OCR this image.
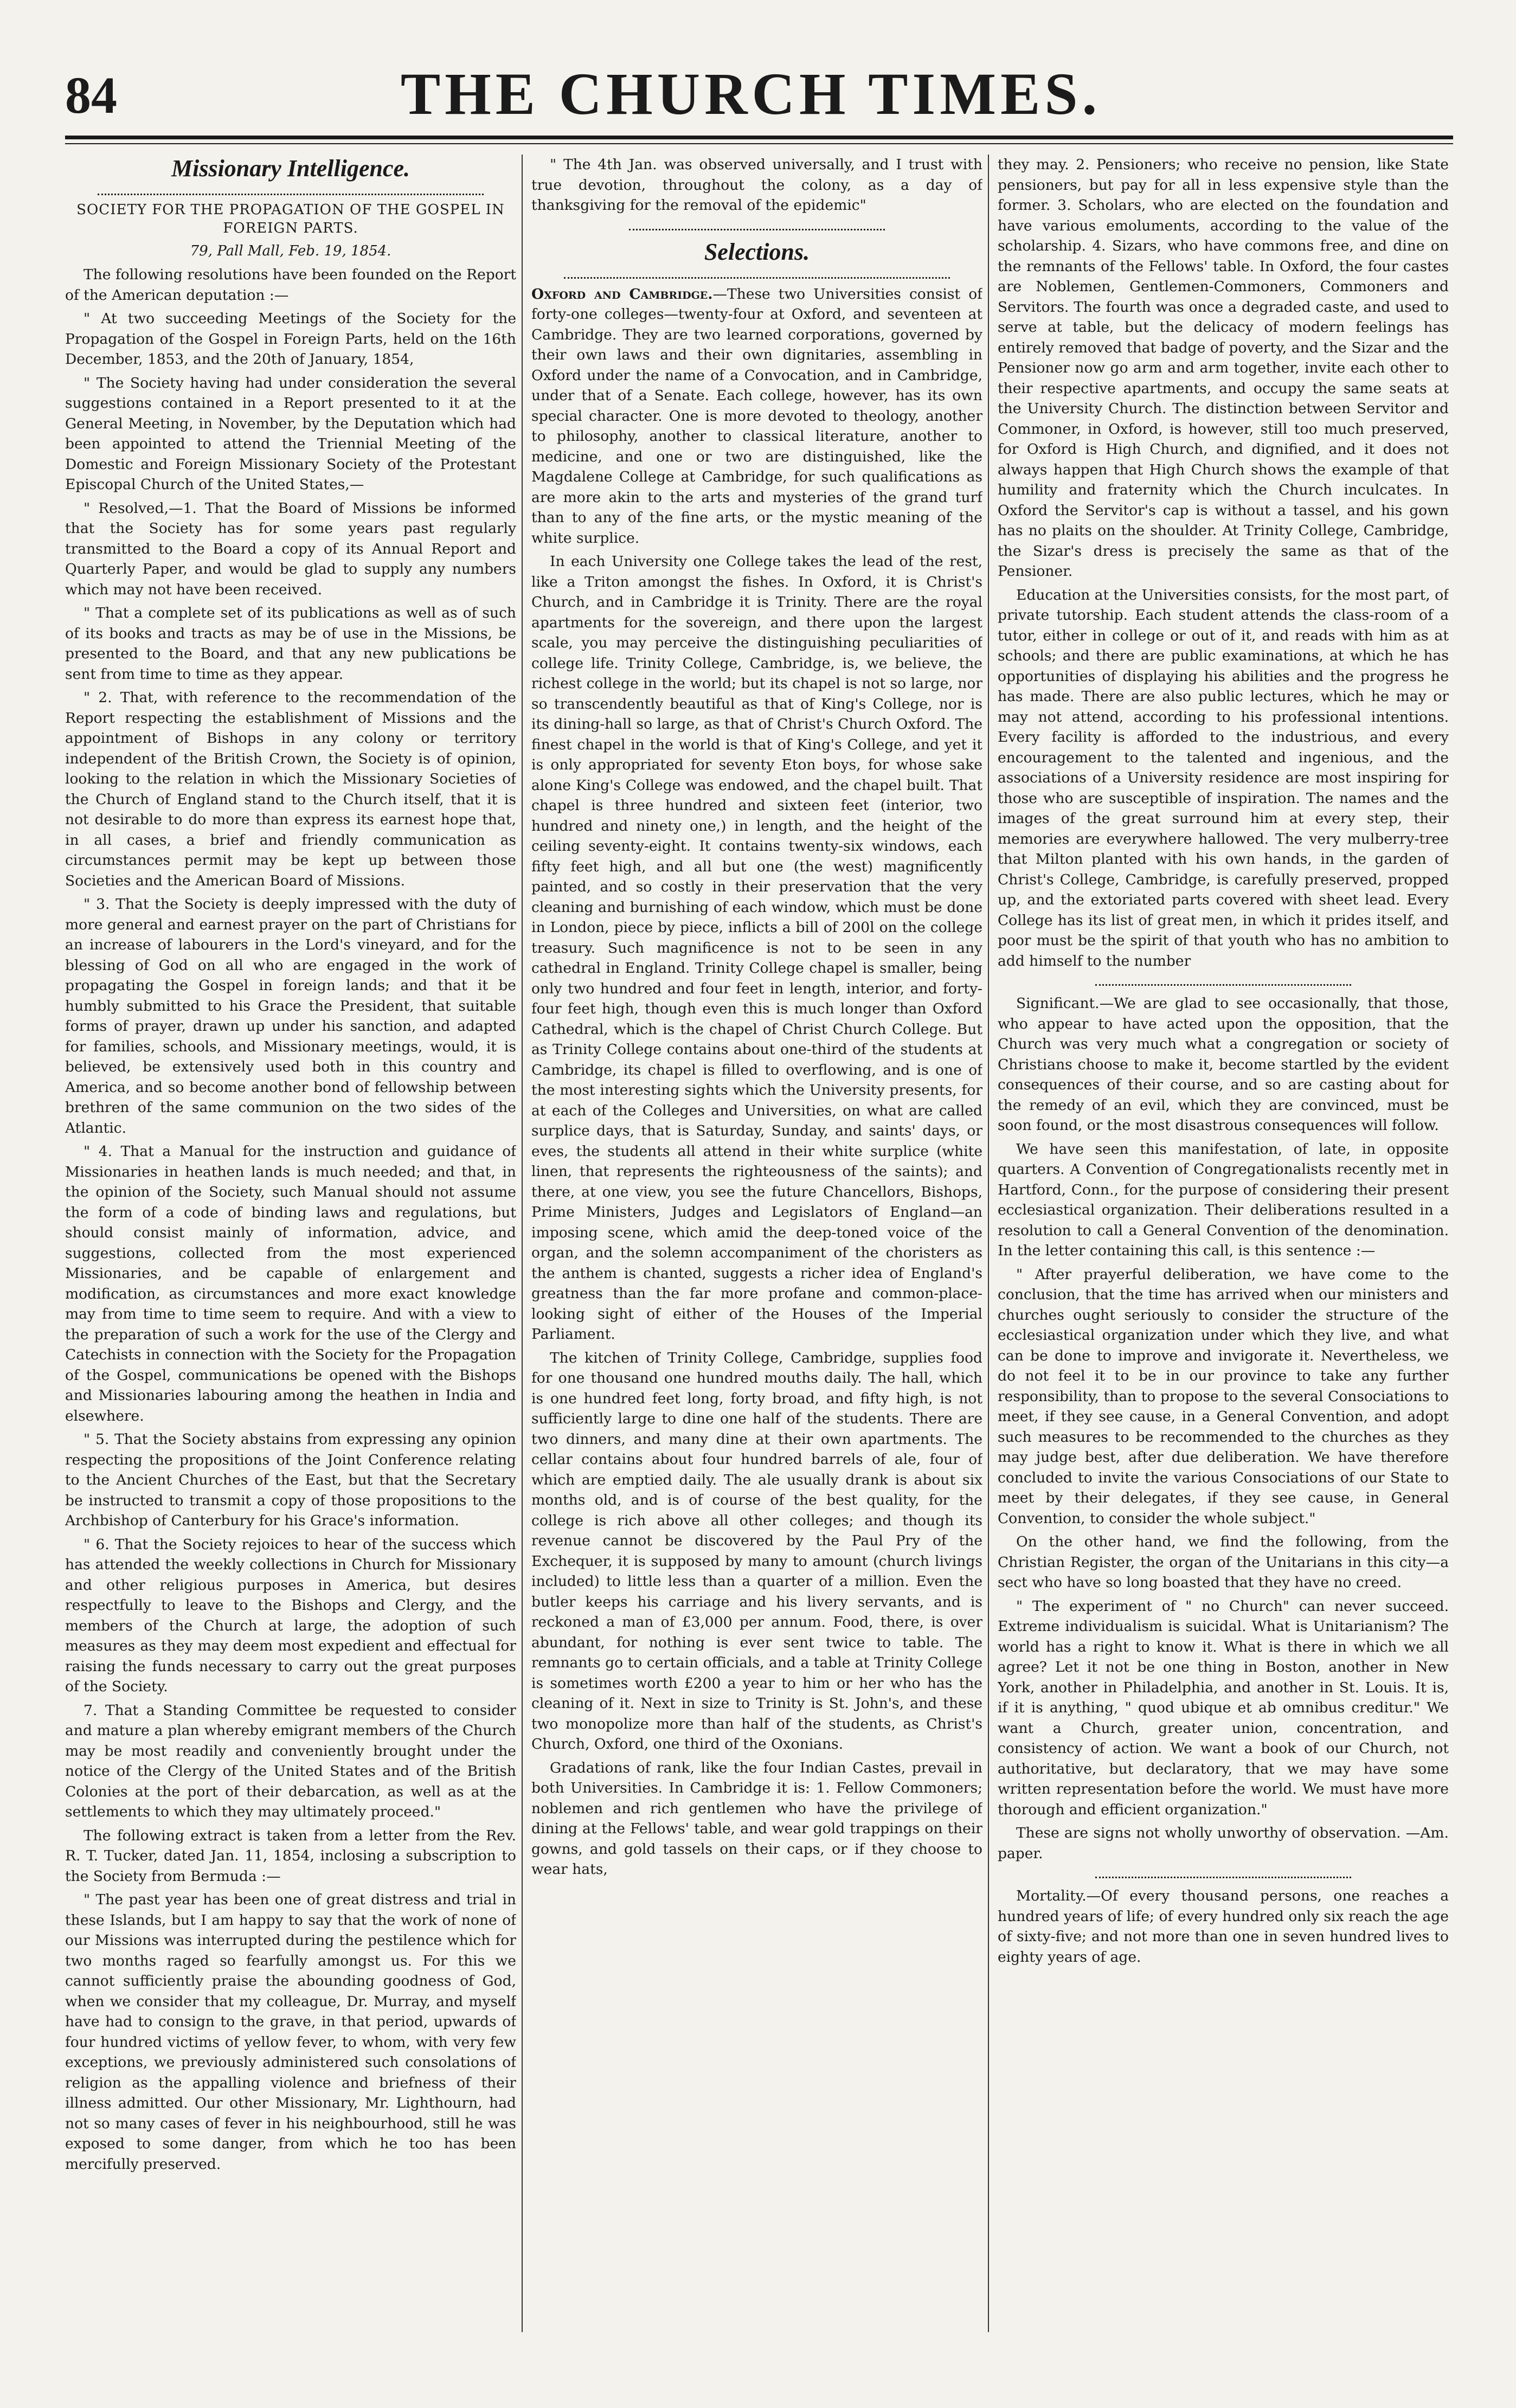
84	THE CHURCH TIMES.
Missionary Intelligence.

SOCIETY FOR THE PROPAGATION OF THE GOSPEL IN FOREIGN PARTS.

79, Pall Mall, Feb. 19, 1854.

The following resolutions have been founded on the Report of the American deputation :—

" At two succeeding Meetings of the Society for the Propagation of the Gospel in Foreign Parts, held on the 16th December, 1853, and the 20th of January, 1854,

" The Society having had under consideration the several suggestions contained in a Report presented to it at the General Meeting, in November, by the Deputation which had been appointed to attend the Triennial Meeting of the Domestic and Foreign Missionary Society of the Protestant Episcopal Church of the United States,—

" Resolved,—1. That the Board of Missions be informed that the Society has for some years past regularly transmitted to the Board a copy of its Annual Report and Quarterly Paper, and would be glad to supply any numbers which may not have been received.

" That a complete set of its publications as well as of such of its books and tracts as may be of use in the Missions, be presented to the Board, and that any new publications be sent from time to time as they appear.

" 2. That, with reference to the recommendation of the Report respecting the establishment of Missions and the appointment of Bishops in any colony or territory independent of the British Crown, the Society is of opinion, looking to the relation in which the Missionary Societies of the Church of England stand to the Church itself, that it is not desirable to do more than express its earnest hope that, in all cases, a brief and friendly communication as circumstances permit may be kept up between those Societies and the American Board of Missions.

" 3. That the Society is deeply impressed with the duty of more general and earnest prayer on the part of Christians for an increase of labourers in the Lord's vineyard, and for the blessing of God on all who are engaged in the work of propagating the Gospel in foreign lands; and that it be humbly submitted to his Grace the President, that suitable forms of prayer, drawn up under his sanction, and adapted for families, schools, and Missionary meetings, would, it is believed, be extensively used both in this country and America, and so become another bond of fellowship between brethren of the same communion on the two sides of the Atlantic.

" 4. That a Manual for the instruction and guidance of Missionaries in heathen lands is much needed; and that, in the opinion of the Society, such Manual should not assume the form of a code of binding laws and regulations, but should consist mainly of information, advice, and suggestions, collected from the most experienced Missionaries, and be capable of enlargement and modification, as circumstances and more exact knowledge may from time to time seem to require. And with a view to the preparation of such a work for the use of the Clergy and Catechists in connection with the Society for the Propagation of the Gospel, communications be opened with the Bishops and Missionaries labouring among the heathen in India and elsewhere.

" 5. That the Society abstains from expressing any opinion respecting the propositions of the Joint Conference relating to the Ancient Churches of the East, but that the Secretary be instructed to transmit a copy of those propositions to the Archbishop of Canterbury for his Grace's information.

" 6. That the Society rejoices to hear of the success which has attended the weekly collections in Church for Missionary and other religious purposes in America, but desires respectfully to leave to the Bishops and Clergy, and the members of the Church at large, the adoption of such measures as they may deem most expedient and effectual for raising the funds necessary to carry out the great purposes of the Society.

7. That a Standing Committee be requested to consider and mature a plan whereby emigrant members of the Church may be most readily and conveniently brought under the notice of the Clergy of the United States and of the British Colonies at the port of their debarcation, as well as at the settlements to which they may ultimately proceed."

The following extract is taken from a letter from the Rev. R. T. Tucker, dated Jan. 11, 1854, inclosing a subscription to the Society from Bermuda :—

" The past year has been one of great distress and trial in these Islands, but I am happy to say that the work of none of our Missions was interrupted during the pestilence which for two months raged so fearfully amongst us. For this we cannot sufficiently praise the abounding goodness of God, when we consider that my colleague, Dr. Murray, and myself have had to consign to the grave, in that period, upwards of four hundred victims of yellow fever, to whom, with very few exceptions, we previously administered such consolations of religion as the appalling violence and briefness of their illness admitted. Our other Missionary, Mr. Lighthourn, had not so many cases of fever in his neighbourhood, still he was exposed to some danger, from which he too has been mercifully preserved.

" The 4th Jan. was observed universally, and I trust with true devotion, throughout the colony, as a day of thanksgiving for the removal of the epidemic"

Selections.

Oxford and Cambridge.—These two Universities consist of forty-one colleges—twenty-four at Oxford, and seventeen at Cambridge. They are two learned corporations, governed by their own laws and their own dignitaries, assembling in Oxford under the name of a Convocation, and in Cambridge, under that of a Senate. Each college, however, has its own special character. One is more devoted to theology, another to philosophy, another to classical literature, another to medicine, and one or two are distinguished, like the Magdalene College at Cambridge, for such qualifications as are more akin to the arts and mysteries of the grand turf than to any of the fine arts, or the mystic meaning of the white surplice.

In each University one College takes the lead of the rest, like a Triton amongst the fishes. In Oxford, it is Christ's Church, and in Cambridge it is Trinity. There are the royal apartments for the sovereign, and there upon the largest scale, you may perceive the distinguishing peculiarities of college life. Trinity College, Cambridge, is, we believe, the richest college in the world; but its chapel is not so large, nor so transcendently beautiful as that of King's College, nor is its dining-hall so large, as that of Christ's Church Oxford. The finest chapel in the world is that of King's College, and yet it is only appropriated for seventy Eton boys, for whose sake alone King's College was endowed, and the chapel built. That chapel is three hundred and sixteen feet (interior, two hundred and ninety one,) in length, and the height of the ceiling seventy-eight. It contains twenty-six windows, each fifty feet high, and all but one (the west) magnificently painted, and so costly in their preservation that the very cleaning and burnishing of each window, which must be done in London, piece by piece, inflicts a bill of 200l on the college treasury. Such magnificence is not to be seen in any cathedral in England. Trinity College chapel is smaller, being only two hundred and four feet in length, interior, and forty-four feet high, though even this is much longer than Oxford Cathedral, which is the chapel of Christ Church College. But as Trinity College contains about one-third of the students at Cambridge, its chapel is filled to overflowing, and is one of the most interesting sights which the University presents, for at each of the Colleges and Universities, on what are called surplice days, that is Saturday, Sunday, and saints' days, or eves, the students all attend in their white surplice (white linen, that represents the righteousness of the saints); and there, at one view, you see the future Chancellors, Bishops, Prime Ministers, Judges and Legislators of England—an imposing scene, which amid the deep-toned voice of the organ, and the solemn accompaniment of the choristers as the anthem is chanted, suggests a richer idea of England's greatness than the far more profane and common-place-looking sight of either of the Houses of the Imperial Parliament.

The kitchen of Trinity College, Cambridge, supplies food for one thousand one hundred mouths daily. The hall, which is one hundred feet long, forty broad, and fifty high, is not sufficiently large to dine one half of the students. There are two dinners, and many dine at their own apartments. The cellar contains about four hundred barrels of ale, four of which are emptied daily. The ale usually drank is about six months old, and is of course of the best quality, for the college is rich above all other colleges; and though its revenue cannot be discovered by the Paul Pry of the Exchequer, it is supposed by many to amount (church livings included) to little less than a quarter of a million. Even the butler keeps his carriage and his livery servants, and is reckoned a man of £3,000 per annum. Food, there, is over abundant, for nothing is ever sent twice to table. The remnants go to certain officials, and a table at Trinity College is sometimes worth £200 a year to him or her who has the cleaning of it. Next in size to Trinity is St. John's, and these two monopolize more than half of the students, as Christ's Church, Oxford, one third of the Oxonians.

Gradations of rank, like the four Indian Castes, prevail in both Universities. In Cambridge it is: 1. Fellow Commoners; noblemen and rich gentlemen who have the privilege of dining at the Fellows' table, and wear gold trappings on their gowns, and gold tassels on their caps, or if they choose to wear hats,

they may. 2. Pensioners; who receive no pension, like State pensioners, but pay for all in less expensive style than the former. 3. Scholars, who are elected on the foundation and have various emoluments, according to the value of the scholarship. 4. Sizars, who have commons free, and dine on the remnants of the Fellows' table. In Oxford, the four castes are Noblemen, Gentlemen-Commoners, Commoners and Servitors. The fourth was once a degraded caste, and used to serve at table, but the delicacy of modern feelings has entirely removed that badge of poverty, and the Sizar and the Pensioner now go arm and arm together, invite each other to their respective apartments, and occupy the same seats at the University Church. The distinction between Servitor and Commoner, in Oxford, is however, still too much preserved, for Oxford is High Church, and dignified, and it does not always happen that High Church shows the example of that humility and fraternity which the Church inculcates. In Oxford the Servitor's cap is without a tassel, and his gown has no plaits on the shoulder. At Trinity College, Cambridge, the Sizar's dress is precisely the same as that of the Pensioner.

Education at the Universities consists, for the most part, of private tutorship. Each student attends the class-room of a tutor, either in college or out of it, and reads with him as at schools; and there are public examinations, at which he has opportunities of displaying his abilities and the progress he has made. There are also public lectures, which he may or may not attend, according to his professional intentions. Every facility is afforded to the industrious, and every encouragement to the talented and ingenious, and the associations of a University residence are most inspiring for those who are susceptible of inspiration. The names and the images of the great surround him at every step, their memories are everywhere hallowed. The very mulberry-tree that Milton planted with his own hands, in the garden of Christ's College, Cambridge, is carefully preserved, propped up, and the extoriated parts covered with sheet lead. Every College has its list of great men, in which it prides itself, and poor must be the spirit of that youth who has no ambition to add himself to the number

Significant.—We are glad to see occasionally, that those, who appear to have acted upon the opposition, that the Church was very much what a congregation or society of Christians choose to make it, become startled by the evident consequences of their course, and so are casting about for the remedy of an evil, which they are convinced, must be soon found, or the most disastrous consequences will follow.

We have seen this manifestation, of late, in opposite quarters. A Convention of Congregationalists recently met in Hartford, Conn., for the purpose of considering their present ecclesiastical organization. Their deliberations resulted in a resolution to call a General Convention of the denomination. In the letter containing this call, is this sentence :—

" After prayerful deliberation, we have come to the conclusion, that the time has arrived when our ministers and churches ought seriously to consider the structure of the ecclesiastical organization under which they live, and what can be done to improve and invigorate it. Nevertheless, we do not feel it to be in our province to take any further responsibility, than to propose to the several Consociations to meet, if they see cause, in a General Convention, and adopt such measures to be recommended to the churches as they may judge best, after due deliberation. We have therefore concluded to invite the various Consociations of our State to meet by their delegates, if they see cause, in General Convention, to consider the whole subject."

On the other hand, we find the following, from the Christian Register, the organ of the Unitarians in this city—a sect who have so long boasted that they have no creed.

" The experiment of " no Church" can never succeed. Extreme individualism is suicidal. What is Unitarianism? The world has a right to know it. What is there in which we all agree? Let it not be one thing in Boston, another in New York, another in Philadelphia, and another in St. Louis. It is, if it is anything, " quod ubique et ab omnibus creditur." We want a Church, greater union, concentration, and consistency of action. We want a book of our Church, not authoritative, but declaratory, that we may have some written representation before the world. We must have more thorough and efficient organization."

These are signs not wholly unworthy of observation. —Am. paper.

Mortality.—Of every thousand persons, one reaches a hundred years of life; of every hundred only six reach the age of sixty-five; and not more than one in seven hundred lives to eighty years of age.
